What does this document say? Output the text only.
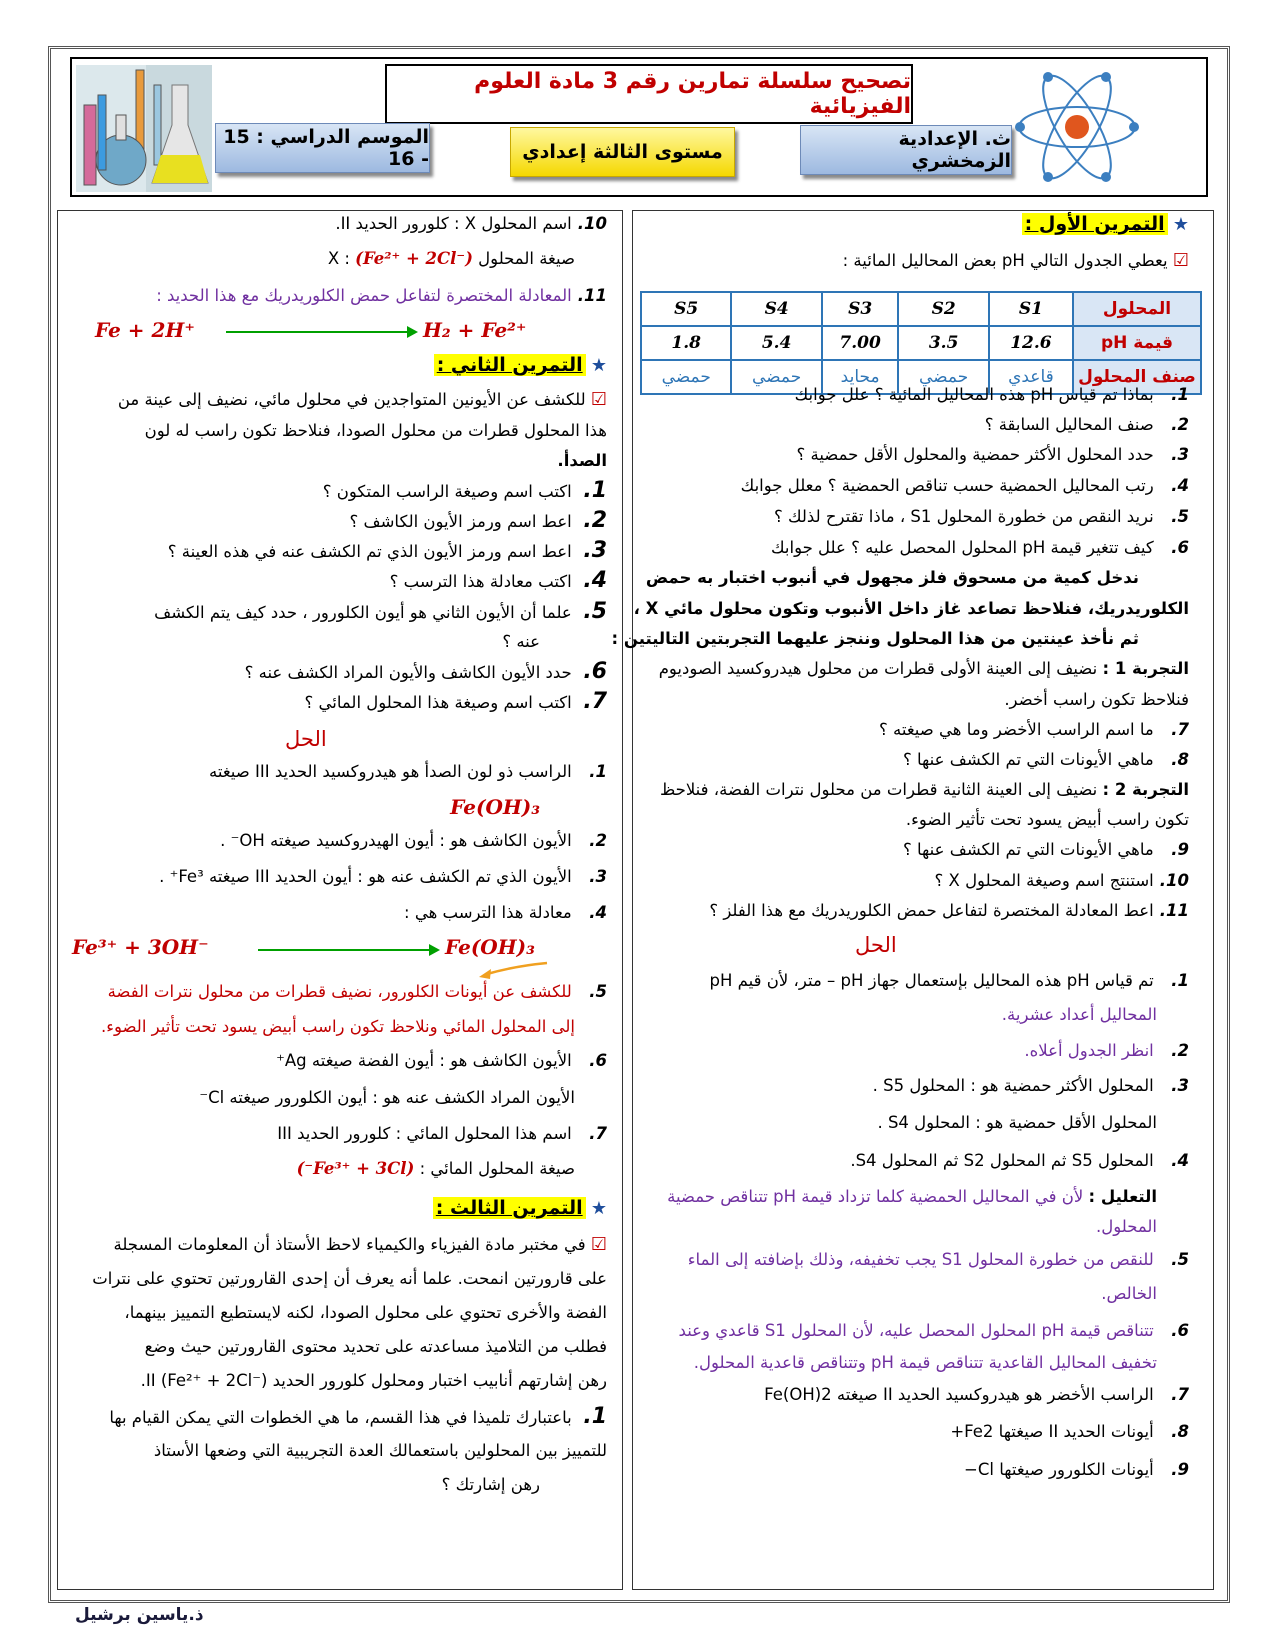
تصحيح سلسلة تمارين رقم 3 مادة العلوم الفيزيائية
الموسم الدراسي : 15 - 16	مستوى الثالثة إعدادي
ث. الإعدادية الزمخشري
★ التمرين الأول :
☑ يعطي الجدول التالي pH بعض المحاليل المائية :
S5	S4	S3	S2	S1	المحلول
1.8	5.4	7.00	3.5	12.6	قيمة pH
حمضي	حمضي	محايد	حمضي	قاعدي	صنف المحلول
1. بماذا تم قياس pH هذه المحاليل المائية ؟ علل جوابك
2. صنف المحاليل السابقة ؟
3. حدد المحلول الأكثر حمضية والمحلول الأقل حمضية ؟
4. رتب المحاليل الحمضية حسب تناقص الحمضية ؟ معلل جوابك
5. نريد النقص من خطورة المحلول S1 ، ماذا تقترح لذلك ؟
6. كيف تتغير قيمة pH المحلول المحصل عليه ؟ علل جوابك
ندخل كمية من مسحوق فلز مجهول في أنبوب اختبار به حمض
الكلوريدريك، فنلاحظ تصاعد غاز داخل الأنبوب وتكون محلول مائي X ،
ثم نأخذ عينتين من هذا المحلول وننجز عليهما التجربتين التاليتين :
التجربة 1 : نضيف إلى العينة الأولى قطرات من محلول هيدروكسيد الصوديوم
فنلاحظ تكون راسب أخضر.
7. ما اسم الراسب الأخضر وما هي صيغته ؟
8. ماهي الأيونات التي تم الكشف عنها ؟
التجربة 2 : نضيف إلى العينة الثانية قطرات من محلول نترات الفضة، فنلاحظ
تكون راسب أبيض يسود تحت تأثير الضوء.
9. ماهي الأيونات التي تم الكشف عنها ؟
10. استنتج اسم وصيغة المحلول X ؟
11. اعط المعادلة المختصرة لتفاعل حمض الكلوريدريك مع هذا الفلز ؟
الحل
1. تم قياس pH هذه المحاليل بإستعمال جهاز pH – متر، لأن قيم pH
المحاليل أعداد عشرية.
2. انظر الجدول أعلاه.
3. المحلول الأكثر حمضية هو : المحلول S5 .
المحلول الأقل حمضية هو : المحلول S4 .
4. المحلول S5 ثم المحلول S2 ثم المحلول S4.
التعليل : لأن في المحاليل الحمضية كلما تزداد قيمة pH تتناقص حمضية
المحلول.
5. للنقص من خطورة المحلول S1 يجب تخفيفه، وذلك بإضافته إلى الماء
الخالص.
6. تتناقص قيمة pH المحلول المحصل عليه، لأن المحلول S1 قاعدي وعند
تخفيف المحاليل القاعدية تتناقص قيمة pH وتتناقص قاعدية المحلول.
7. الراسب الأخضر هو هيدروكسيد الحديد II صيغته Fe(OH)2
8. أيونات الحديد II صيغتها Fe2+
9. أيونات الكلورور صيغتها Cl−
10. اسم المحلول X : كلورور الحديد II.
صيغة المحلول X : (Fe²⁺ + 2Cl⁻)
11. المعادلة المختصرة لتفاعل حمض الكلوريدريك مع هذا الحديد :
Fe + 2H⁺	H₂ + Fe²⁺
★ التمرين الثاني :
☑ للكشف عن الأيونين المتواجدين في محلول مائي، نضيف إلى عينة من
هذا المحلول قطرات من محلول الصودا، فنلاحظ تكون راسب له لون
الصدأ.
1. اكتب اسم وصيغة الراسب المتكون ؟
2. اعط اسم ورمز الأيون الكاشف ؟
3. اعط اسم ورمز الأيون الذي تم الكشف عنه في هذه العينة ؟
4. اكتب معادلة هذا الترسب ؟
5. علما أن الأيون الثاني هو أيون الكلورور ، حدد كيف يتم الكشف
عنه ؟
6. حدد الأيون الكاشف والأيون المراد الكشف عنه ؟
7. اكتب اسم وصيغة هذا المحلول المائي ؟
الحل
1. الراسب ذو لون الصدأ هو هيدروكسيد الحديد III صيغته
Fe(OH)₃
2. الأيون الكاشف هو : أيون الهيدروكسيد صيغته OH⁻ .
3. الأيون الذي تم الكشف عنه هو : أيون الحديد III صيغته Fe³⁺ .
4. معادلة هذا الترسب هي :
Fe³⁺ + 3OH⁻	Fe(OH)₃
5. للكشف عن أيونات الكلورور، نضيف قطرات من محلول نترات الفضة
إلى المحلول المائي ونلاحظ تكون راسب أبيض يسود تحت تأثير الضوء.
6. الأيون الكاشف هو : أيون الفضة صيغته Ag⁺
الأيون المراد الكشف عنه هو : أيون الكلورور صيغته Cl⁻
7. اسم هذا المحلول المائي : كلورور الحديد III
صيغة المحلول المائي : (Fe³⁺ + 3Cl⁻)
★ التمرين الثالث :
☑ في مختبر مادة الفيزياء والكيمياء لاحظ الأستاذ أن المعلومات المسجلة
على قارورتين انمحت. علما أنه يعرف أن إحدى القارورتين تحتوي على نترات
الفضة والأخرى تحتوي على محلول الصودا، لكنه لايستطيع التمييز بينهما،
فطلب من التلاميذ مساعدته على تحديد محتوى القارورتين حيث وضع
رهن إشارتهم أنابيب اختبار ومحلول كلورور الحديد II (Fe²⁺ + 2Cl⁻).
1. باعتبارك تلميذا في هذا القسم، ما هي الخطوات التي يمكن القيام بها
للتمييز بين المحلولين باستعمالك العدة التجريبية التي وضعها الأستاذ
رهن إشارتك ؟
ذ.ياسين برشيل
